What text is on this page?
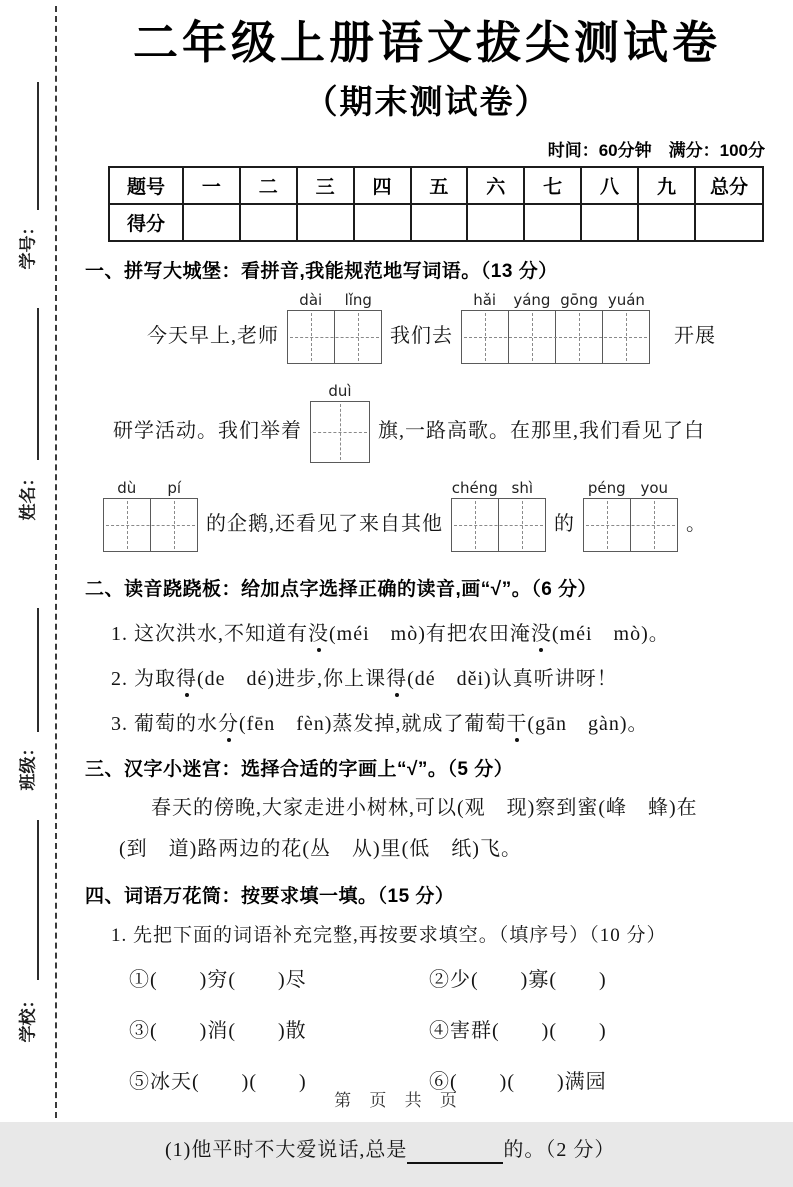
学号：
姓名：
班级：
学校：
二年级上册语文拔尖测试卷
（期末测试卷）
时间：60分钟　满分：100分
题号	一	二	三	四	五	六	七	八	九	总分
得分										
一、拼写大城堡：看拼音,我能规范地写词语。（13 分）
今天早上,老师
dài	lǐng
我们去
hǎi	yáng gōng yuán
开展
研学活动。我们举着
duì
旗,一路高歌。在那里,我们看见了白
dù	pí
的企鹅,还看见了来自其他
chéng shì
的
péng you
。
二、读音跷跷板：给加点字选择正确的读音,画“√”。（6 分）
1. 这次洪水,不知道有没(méi　mò)有把农田淹没(méi　mò)。
2. 为取得(de　dé)进步,你上课得(dé　děi)认真听讲呀！
3. 葡萄的水分(fēn　fèn)蒸发掉,就成了葡萄干(gān　gàn)。
三、汉字小迷宫：选择合适的字画上“√”。（5 分）
春天的傍晚,大家走进小树林,可以(观　现)察到蜜(峰　蜂)在
(到　道)路两边的花(丛　从)里(低　纸)飞。
四、词语万花筒：按要求填一填。（15 分）
1. 先把下面的词语补充完整,再按要求填空。（填序号）（10 分）
①(　　)穷(　　)尽	②少(　　)寡(　　)
③(　　)消(　　)散	④害群(　　)(　　)
⑤冰天(　　)(　　)	⑥(　　)(　　)满园

(1)他平时不大爱说话,总是	的。（2 分）

第 页 共 页
